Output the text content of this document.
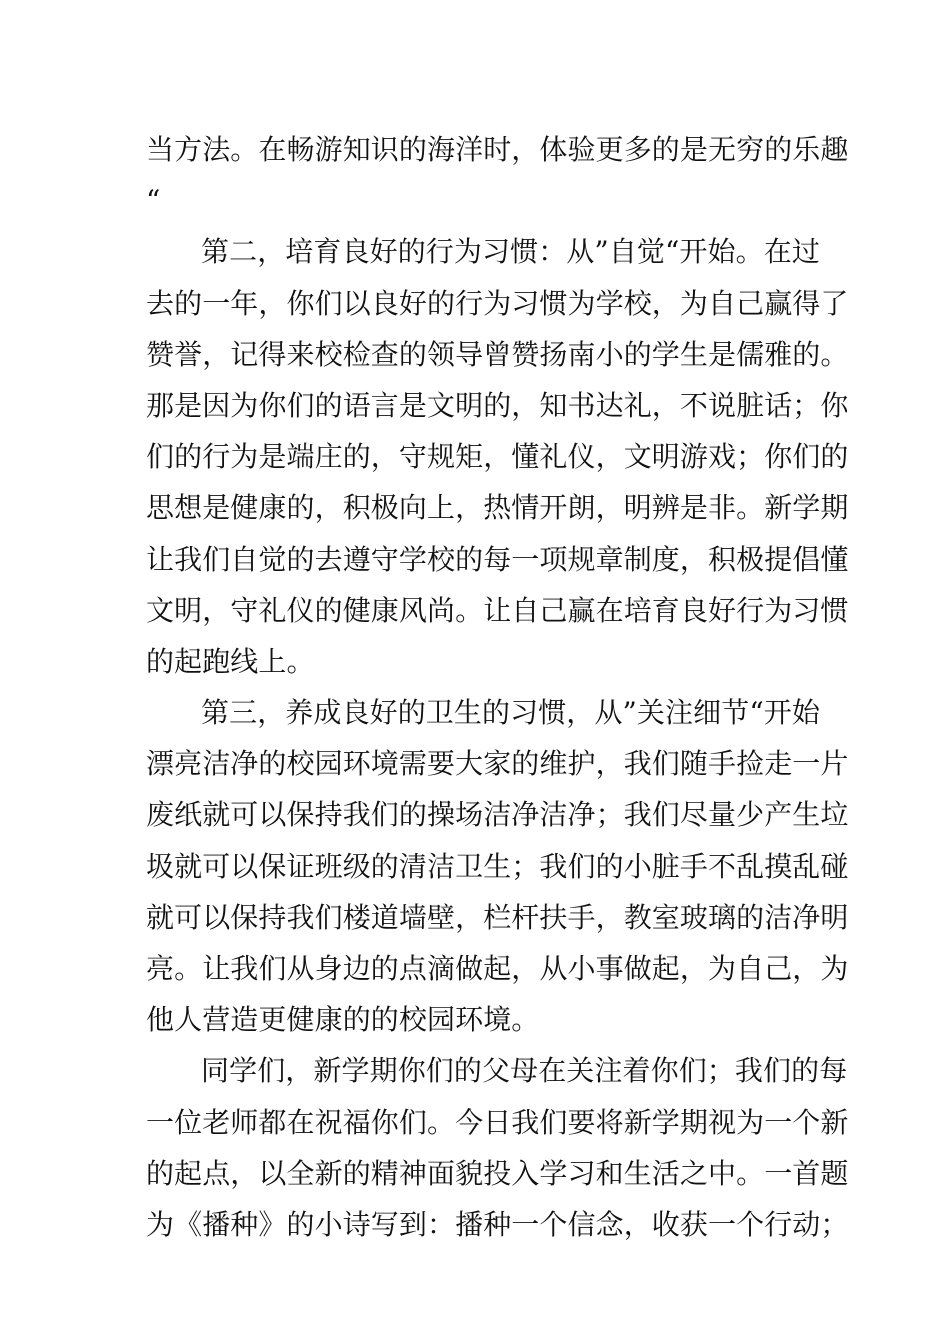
当方法。在畅游知识的海洋时，体验更多的是无穷的乐趣
“
第二，培育良好的行为习惯：从”自觉“开始。在过
去的一年，你们以良好的行为习惯为学校，为自己赢得了
赞誉，记得来校检查的领导曾赞扬南小的学生是儒雅的。
那是因为你们的语言是文明的，知书达礼，不说脏话；你
们的行为是端庄的，守规矩，懂礼仪，文明游戏；你们的
思想是健康的，积极向上，热情开朗，明辨是非。新学期
让我们自觉的去遵守学校的每一项规章制度，积极提倡懂
文明，守礼仪的健康风尚。让自己赢在培育良好行为习惯
的起跑线上。
第三，养成良好的卫生的习惯，从”关注细节“开始
漂亮洁净的校园环境需要大家的维护，我们随手捡走一片
废纸就可以保持我们的操场洁净洁净；我们尽量少产生垃
圾就可以保证班级的清洁卫生；我们的小脏手不乱摸乱碰
就可以保持我们楼道墙壁，栏杆扶手，教室玻璃的洁净明
亮。让我们从身边的点滴做起，从小事做起，为自己，为
他人营造更健康的的校园环境。
同学们，新学期你们的父母在关注着你们；我们的每
一位老师都在祝福你们。今日我们要将新学期视为一个新
的起点，以全新的精神面貌投入学习和生活之中。一首题
为《播种》的小诗写到：播种一个信念，收获一个行动；
